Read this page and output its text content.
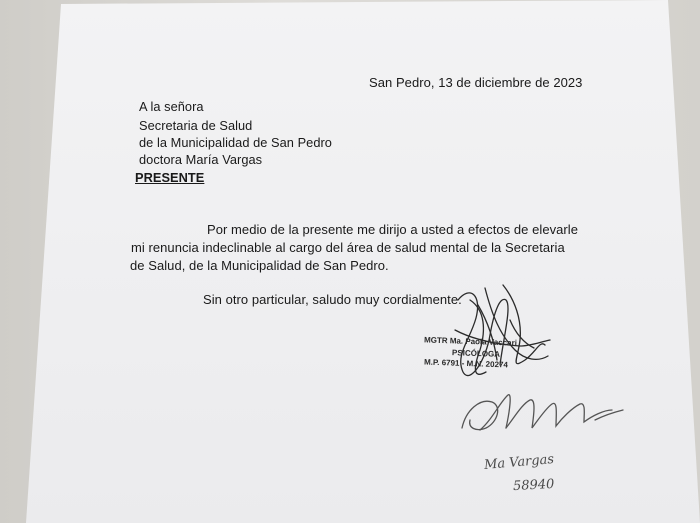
San Pedro, 13 de diciembre de 2023
A la señora
Secretaria de Salud
de la Municipalidad de San Pedro
doctora María Vargas
PRESENTE
Por medio de la presente me dirijo a usted a efectos de elevarle
mi renuncia indeclinable al cargo del área de salud mental de la Secretaria
de Salud, de la Municipalidad de San Pedro.
Sin otro particular, saludo muy cordialmente.
MGTR Ma. Paola Vaccari
PSICÓLOGA
M.P. 6791 - M.N. 20274
Ma Vargas
58940
